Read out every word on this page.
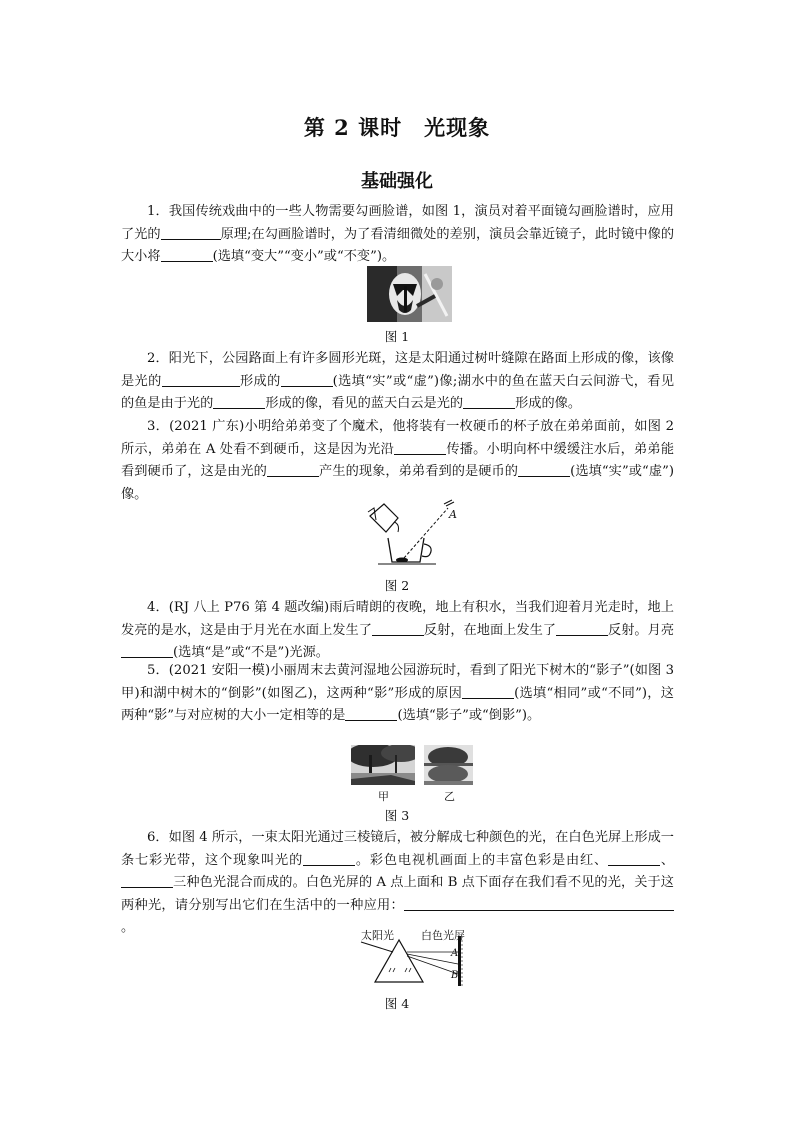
第 2 课时　光现象
基础强化
1．我国传统戏曲中的一些人物需要勾画脸谱，如图 1，演员对着平面镜勾画脸谱时，应用了光的	原理;在勾画脸谱时，为了看清细微处的差别，演员会靠近镜子，此时镜中像的大小将	(选填“变大”“变小”或“不变”)。
图 1
2．阳光下，公园路面上有许多圆形光斑，这是太阳通过树叶缝隙在路面上形成的像，该像是光的	形成的	(选填“实”或“虚”)像;湖水中的鱼在蓝天白云间游弋，看见的鱼是由于光的	形成的像，看见的蓝天白云是光的	形成的像。
3．(2021 广东)小明给弟弟变了个魔术，他将装有一枚硬币的杯子放在弟弟面前，如图 2 所示，弟弟在 A 处看不到硬币，这是因为光沿	传播。小明向杯中缓缓注水后，弟弟能看到硬币了，这是由光的	产生的现象，弟弟看到的是硬币的	(选填“实”或“虚”)像。
A
图 2
4．(RJ 八上 P76 第 4 题改编)雨后晴朗的夜晚，地上有积水，当我们迎着月光走时，地上发亮的是水，这是由于月光在水面上发生了	反射，在地面上发生了	反射。月亮(选填“是”或“不是”)光源。
5．(2021 安阳一模)小丽周末去黄河湿地公园游玩时，看到了阳光下树木的“影子”(如图 3 甲)和湖中树木的“倒影”(如图乙)，这两种“影”形成的原因	(选填“相同”或“不同”)，这两种“影”与对应树的大小一定相等的是	(选填“影子”或“倒影”)。
甲	乙
图 3
6．如图 4 所示，一束太阳光通过三棱镜后，被分解成七种颜色的光，在白色光屏上形成一条七彩光带，这个现象叫光的	。彩色电视机画面上的丰富色彩是由红、	、三种色光混合而成的。白色光屏的 A 点上面和 B 点下面存在我们看不见的光，关于这两种光，请分别写出它们在生活中的一种应用：。
太阳光 白色光屏
A
B
图 4
